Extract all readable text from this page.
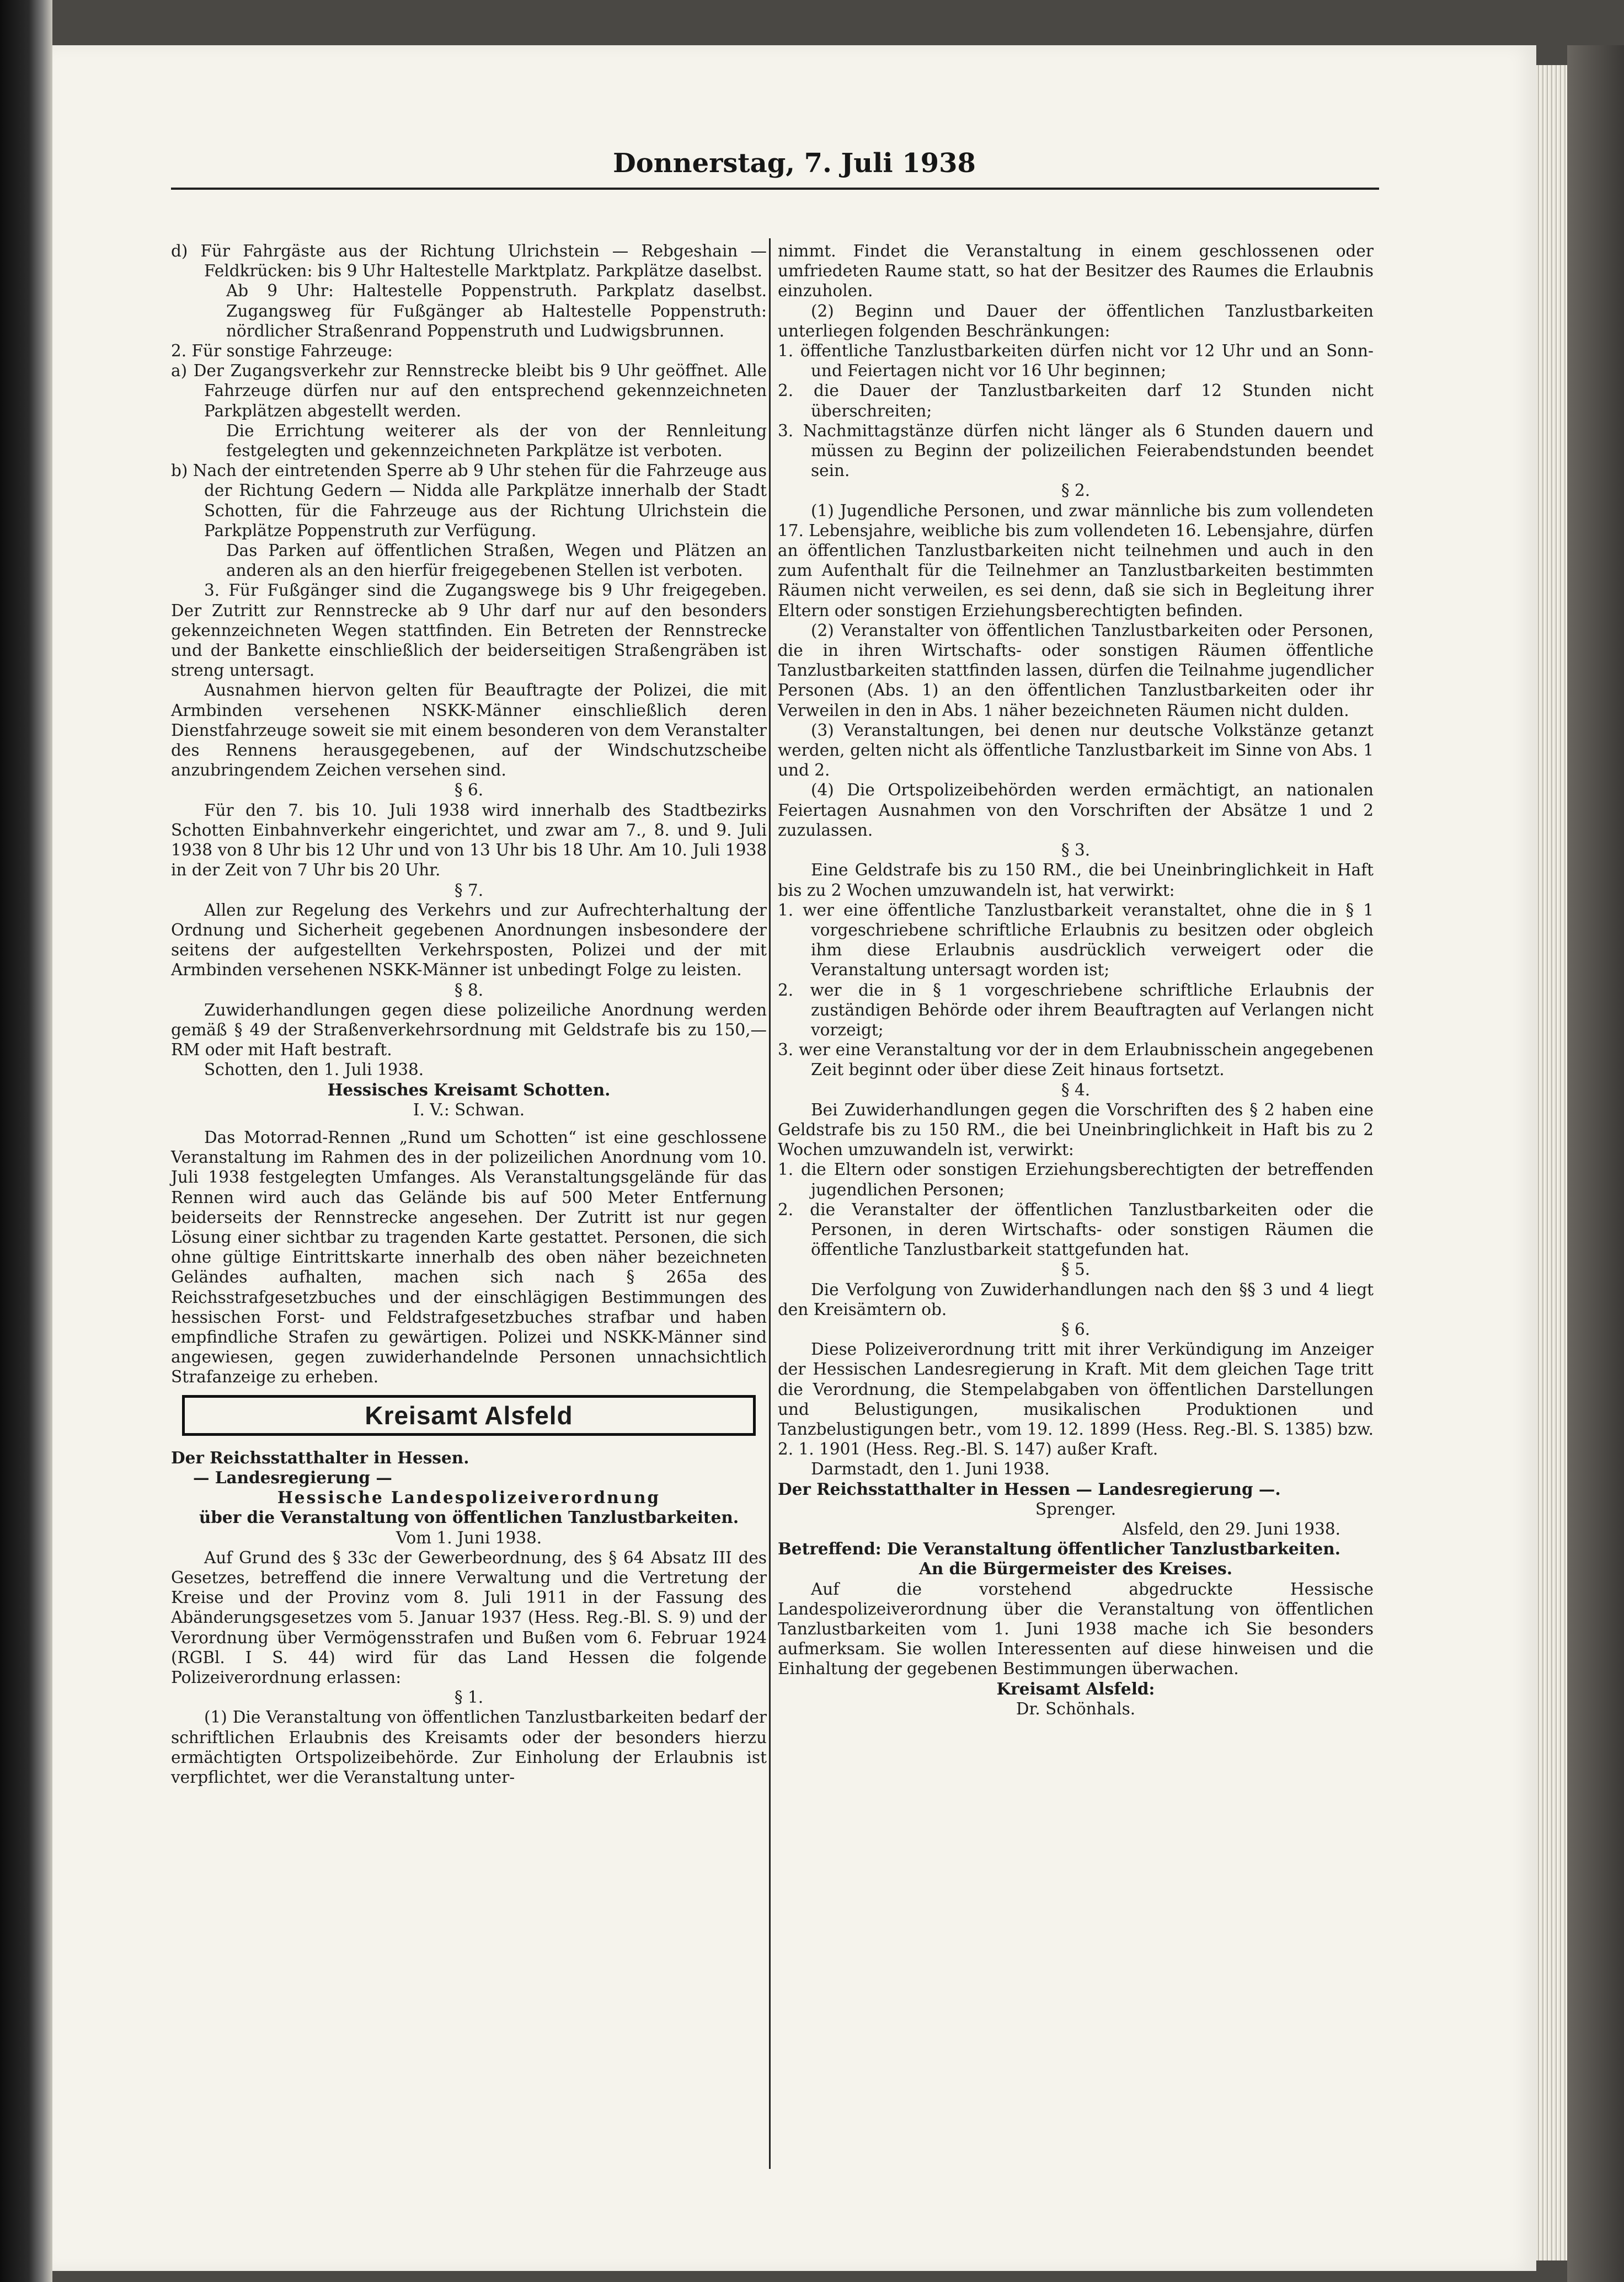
Donnerstag, 7. Juli 1938

d) Für Fahrgäste aus der Richtung Ulrichstein — Rebgeshain — Feldkrücken: bis 9 Uhr Haltestelle Marktplatz. Parkplätze daselbst.

Ab 9 Uhr: Haltestelle Poppenstruth. Parkplatz daselbst. Zugangsweg für Fußgänger ab Haltestelle Poppenstruth: nördlicher Straßenrand Poppenstruth und Ludwigsbrunnen.

2. Für sonstige Fahrzeuge:

a) Der Zugangsverkehr zur Rennstrecke bleibt bis 9 Uhr geöffnet. Alle Fahrzeuge dürfen nur auf den entsprechend gekennzeichneten Parkplätzen abgestellt werden.

Die Errichtung weiterer als der von der Rennleitung festgelegten und gekennzeichneten Parkplätze ist verboten.

b) Nach der eintretenden Sperre ab 9 Uhr stehen für die Fahrzeuge aus der Richtung Gedern — Nidda alle Parkplätze innerhalb der Stadt Schotten, für die Fahrzeuge aus der Richtung Ulrichstein die Parkplätze Poppenstruth zur Verfügung.

Das Parken auf öffentlichen Straßen, Wegen und Plätzen an anderen als an den hierfür freigegebenen Stellen ist verboten.

3. Für Fußgänger sind die Zugangswege bis 9 Uhr freigegeben. Der Zutritt zur Rennstrecke ab 9 Uhr darf nur auf den besonders gekennzeichneten Wegen stattfinden. Ein Betreten der Rennstrecke und der Bankette einschließlich der beiderseitigen Straßengräben ist streng untersagt.

Ausnahmen hiervon gelten für Beauftragte der Polizei, die mit Armbinden versehenen NSKK-Männer einschließlich deren Dienstfahrzeuge soweit sie mit einem besonderen von dem Veranstalter des Rennens herausgegebenen, auf der Windschutzscheibe anzubringendem Zeichen versehen sind.

§ 6.

Für den 7. bis 10. Juli 1938 wird innerhalb des Stadtbezirks Schotten Einbahnverkehr eingerichtet, und zwar am 7., 8. und 9. Juli 1938 von 8 Uhr bis 12 Uhr und von 13 Uhr bis 18 Uhr. Am 10. Juli 1938 in der Zeit von 7 Uhr bis 20 Uhr.

§ 7.

Allen zur Regelung des Verkehrs und zur Aufrechterhaltung der Ordnung und Sicherheit gegebenen Anordnungen insbesondere der seitens der aufgestellten Verkehrsposten, Polizei und der mit Armbinden versehenen NSKK-Männer ist unbedingt Folge zu leisten.

§ 8.

Zuwiderhandlungen gegen diese polizeiliche Anordnung werden gemäß § 49 der Straßenverkehrsordnung mit Geldstrafe bis zu 150,— RM oder mit Haft bestraft.

Schotten, den 1. Juli 1938.

Hessisches Kreisamt Schotten.

I. V.: Schwan.

Das Motorrad-Rennen „Rund um Schotten“ ist eine geschlossene Veranstaltung im Rahmen des in der polizeilichen Anordnung vom 10. Juli 1938 festgelegten Umfanges. Als Veranstaltungsgelände für das Rennen wird auch das Gelände bis auf 500 Meter Entfernung beiderseits der Rennstrecke angesehen. Der Zutritt ist nur gegen Lösung einer sichtbar zu tragenden Karte gestattet. Personen, die sich ohne gültige Eintrittskarte innerhalb des oben näher bezeichneten Geländes aufhalten, machen sich nach § 265a des Reichsstrafgesetzbuches und der einschlägigen Bestimmungen des hessischen Forst- und Feldstrafgesetzbuches strafbar und haben empfindliche Strafen zu gewärtigen. Polizei und NSKK-Männer sind angewiesen, gegen zuwiderhandelnde Personen unnachsichtlich Strafanzeige zu erheben.

Kreisamt Alsfeld

Der Reichsstatthalter in Hessen.

— Landesregierung —

Hessische Landespolizeiverordnung

über die Veranstaltung von öffentlichen Tanzlustbarkeiten.

Vom 1. Juni 1938.

Auf Grund des § 33c der Gewerbeordnung, des § 64 Absatz III des Gesetzes, betreffend die innere Verwaltung und die Vertretung der Kreise und der Provinz vom 8. Juli 1911 in der Fassung des Abänderungsgesetzes vom 5. Januar 1937 (Hess. Reg.-Bl. S. 9) und der Verordnung über Vermögensstrafen und Bußen vom 6. Februar 1924 (RGBl. I S. 44) wird für das Land Hessen die folgende Polizeiverordnung erlassen:

§ 1.

(1) Die Veranstaltung von öffentlichen Tanzlustbarkeiten bedarf der schriftlichen Erlaubnis des Kreisamts oder der besonders hierzu ermächtigten Ortspolizeibehörde. Zur Einholung der Erlaubnis ist verpflichtet, wer die Veranstaltung unter-

nimmt. Findet die Veranstaltung in einem geschlossenen oder umfriedeten Raume statt, so hat der Besitzer des Raumes die Erlaubnis einzuholen.

(2) Beginn und Dauer der öffentlichen Tanzlustbarkeiten unterliegen folgenden Beschränkungen:

1. öffentliche Tanzlustbarkeiten dürfen nicht vor 12 Uhr und an Sonn- und Feiertagen nicht vor 16 Uhr beginnen;

2. die Dauer der Tanzlustbarkeiten darf 12 Stunden nicht überschreiten;

3. Nachmittagstänze dürfen nicht länger als 6 Stunden dauern und müssen zu Beginn der polizeilichen Feierabendstunden beendet sein.

§ 2.

(1) Jugendliche Personen, und zwar männliche bis zum vollendeten 17. Lebensjahre, weibliche bis zum vollendeten 16. Lebensjahre, dürfen an öffentlichen Tanzlustbarkeiten nicht teilnehmen und auch in den zum Aufenthalt für die Teilnehmer an Tanzlustbarkeiten bestimmten Räumen nicht verweilen, es sei denn, daß sie sich in Begleitung ihrer Eltern oder sonstigen Erziehungsberechtigten befinden.

(2) Veranstalter von öffentlichen Tanzlustbarkeiten oder Personen, die in ihren Wirtschafts- oder sonstigen Räumen öffentliche Tanzlustbarkeiten stattfinden lassen, dürfen die Teilnahme jugendlicher Personen (Abs. 1) an den öffentlichen Tanzlustbarkeiten oder ihr Verweilen in den in Abs. 1 näher bezeichneten Räumen nicht dulden.

(3) Veranstaltungen, bei denen nur deutsche Volkstänze getanzt werden, gelten nicht als öffentliche Tanzlustbarkeit im Sinne von Abs. 1 und 2.

(4) Die Ortspolizeibehörden werden ermächtigt, an nationalen Feiertagen Ausnahmen von den Vorschriften der Absätze 1 und 2 zuzulassen.

§ 3.

Eine Geldstrafe bis zu 150 RM., die bei Uneinbringlichkeit in Haft bis zu 2 Wochen umzuwandeln ist, hat verwirkt:

1. wer eine öffentliche Tanzlustbarkeit veranstaltet, ohne die in § 1 vorgeschriebene schriftliche Erlaubnis zu besitzen oder obgleich ihm diese Erlaubnis ausdrücklich verweigert oder die Veranstaltung untersagt worden ist;

2. wer die in § 1 vorgeschriebene schriftliche Erlaubnis der zuständigen Behörde oder ihrem Beauftragten auf Verlangen nicht vorzeigt;

3. wer eine Veranstaltung vor der in dem Erlaubnisschein angegebenen Zeit beginnt oder über diese Zeit hinaus fortsetzt.

§ 4.

Bei Zuwiderhandlungen gegen die Vorschriften des § 2 haben eine Geldstrafe bis zu 150 RM., die bei Uneinbringlichkeit in Haft bis zu 2 Wochen umzuwandeln ist, verwirkt:

1. die Eltern oder sonstigen Erziehungsberechtigten der betreffenden jugendlichen Personen;

2. die Veranstalter der öffentlichen Tanzlustbarkeiten oder die Personen, in deren Wirtschafts- oder sonstigen Räumen die öffentliche Tanzlustbarkeit stattgefunden hat.

§ 5.

Die Verfolgung von Zuwiderhandlungen nach den §§ 3 und 4 liegt den Kreisämtern ob.

§ 6.

Diese Polizeiverordnung tritt mit ihrer Verkündigung im Anzeiger der Hessischen Landesregierung in Kraft. Mit dem gleichen Tage tritt die Verordnung, die Stempelabgaben von öffentlichen Darstellungen und Belustigungen, musikalischen Produktionen und Tanzbelustigungen betr., vom 19. 12. 1899 (Hess. Reg.-Bl. S. 1385) bzw. 2. 1. 1901 (Hess. Reg.-Bl. S. 147) außer Kraft.

Darmstadt, den 1. Juni 1938.

Der Reichsstatthalter in Hessen — Landesregierung —.

Sprenger.

Alsfeld, den 29. Juni 1938.

Betreffend: Die Veranstaltung öffentlicher Tanzlustbarkeiten.

An die Bürgermeister des Kreises.

Auf die vorstehend abgedruckte Hessische Landespolizeiverordnung über die Veranstaltung von öffentlichen Tanzlustbarkeiten vom 1. Juni 1938 mache ich Sie besonders aufmerksam. Sie wollen Interessenten auf diese hinweisen und die Einhaltung der gegebenen Bestimmungen überwachen.

Kreisamt Alsfeld:

Dr. Schönhals.
